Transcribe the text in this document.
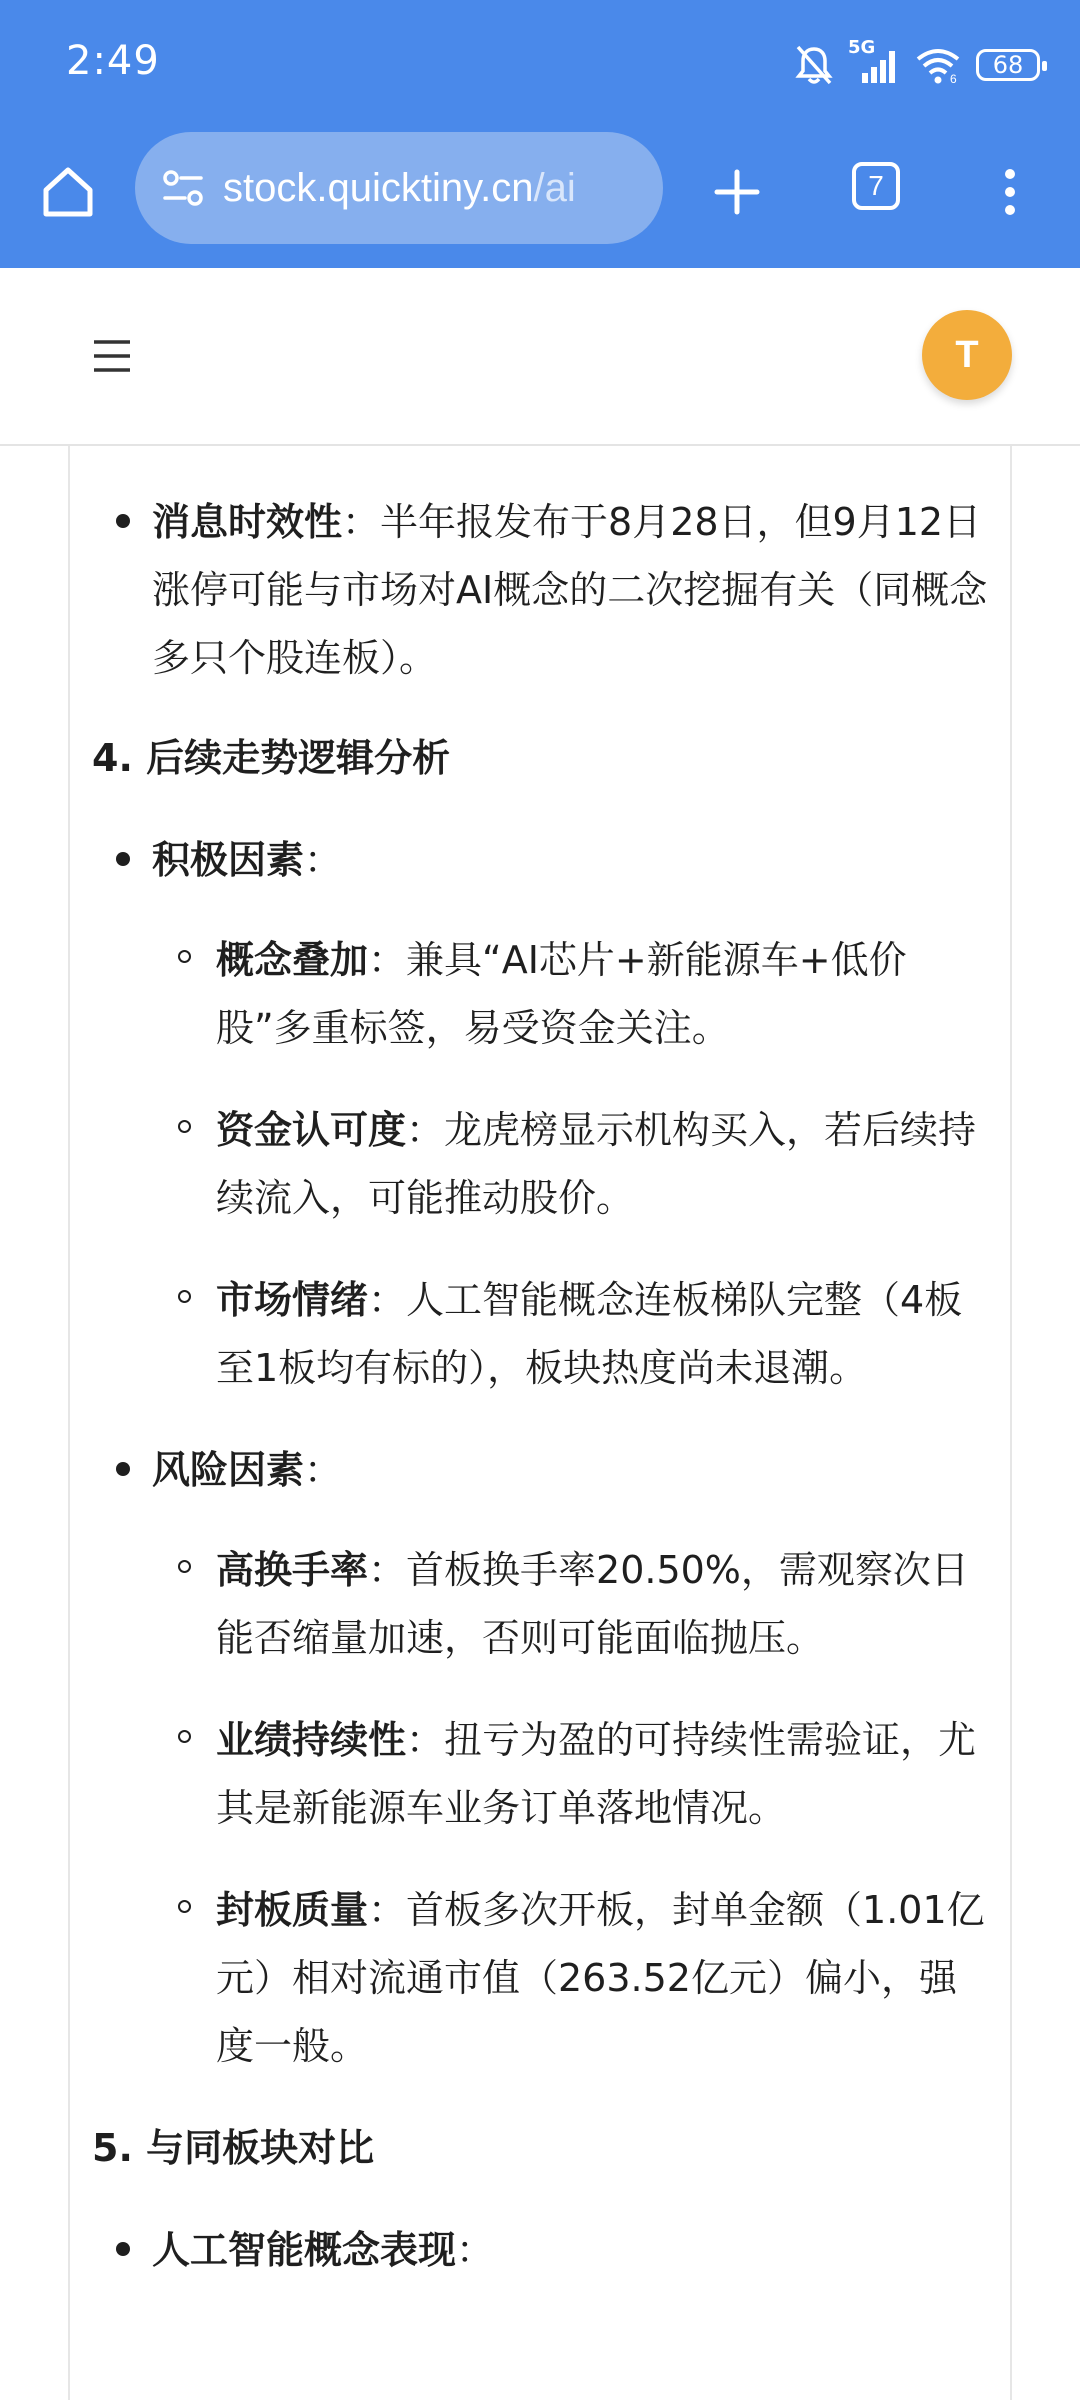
2:49	5G
6 68
stock.quicktiny.cn/ai	7
T
消息时效性：半年报发布于8月28日，但9月12日涨停可能与市场对AI概念的二次挖掘有关（同概念多只个股连板）。
4. 后续走势逻辑分析
积极因素：
概念叠加：兼具“AI芯片+新能源车+低价股”多重标签，易受资金关注。
资金认可度：龙虎榜显示机构买入，若后续持续流入，可能推动股价。
市场情绪：人工智能概念连板梯队完整（4板至1板均有标的），板块热度尚未退潮。
风险因素：
高换手率：首板换手率20.50%，需观察次日能否缩量加速，否则可能面临抛压。
业绩持续性：扭亏为盈的可持续性需验证，尤其是新能源车业务订单落地情况。
封板质量：首板多次开板，封单金额（1.01亿元）相对流通市值（263.52亿元）偏小，强度一般。
5. 与同板块对比
人工智能概念表现：
